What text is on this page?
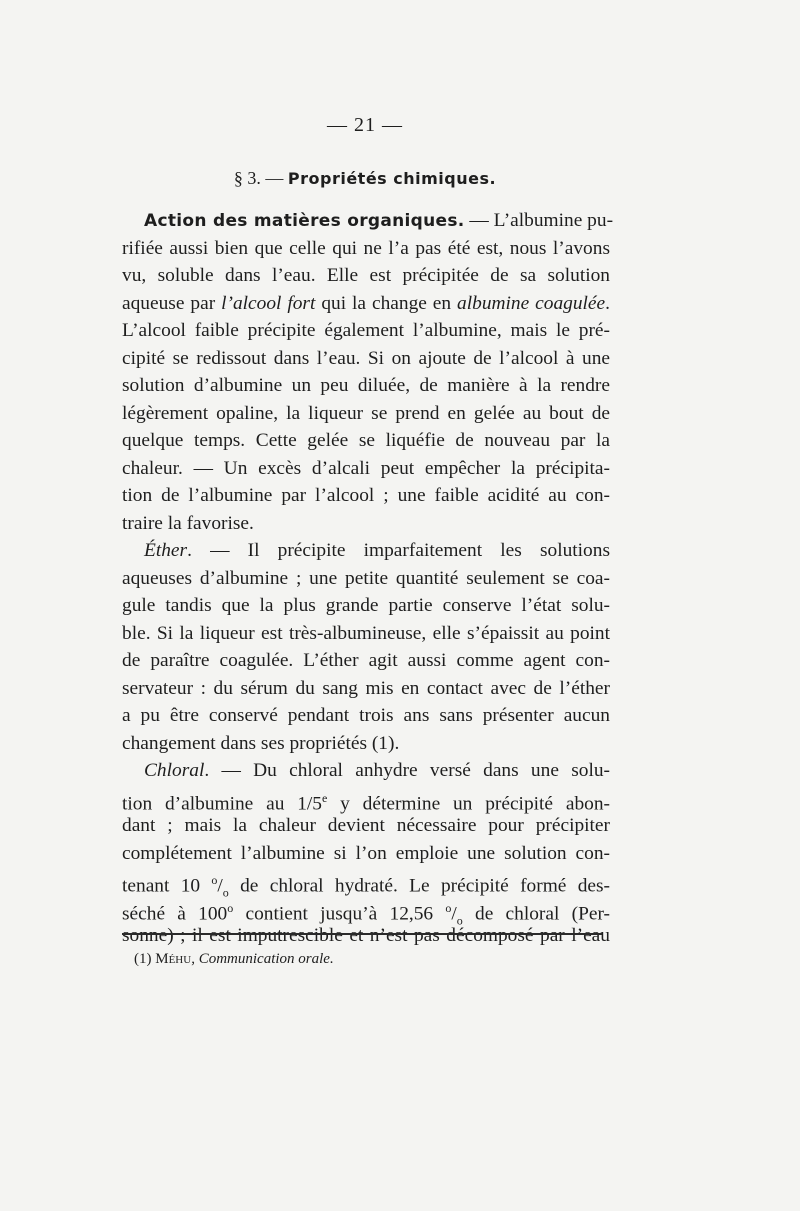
— 21 —
§ 3. — Propriétés chimiques.
Action des matières organiques. — L’albumine pu-
rifiée aussi bien que celle qui ne l’a pas été est, nous l’avons
vu, soluble dans l’eau. Elle est précipitée de sa solution
aqueuse par l’alcool fort qui la change en albumine coagulée.
L’alcool faible précipite également l’albumine, mais le pré-
cipité se redissout dans l’eau. Si on ajoute de l’alcool à une
solution d’albumine un peu diluée, de manière à la rendre
légèrement opaline, la liqueur se prend en gelée au bout de
quelque temps. Cette gelée se liquéfie de nouveau par la
chaleur. — Un excès d’alcali peut empêcher la précipita-
tion de l’albumine par l’alcool ; une faible acidité au con-
traire la favorise.
Éther. — Il précipite imparfaitement les solutions
aqueuses d’albumine ; une petite quantité seulement se coa-
gule tandis que la plus grande partie conserve l’état solu-
ble. Si la liqueur est très-albumineuse, elle s’épaissit au point
de paraître coagulée. L’éther agit aussi comme agent con-
servateur : du sérum du sang mis en contact avec de l’éther
a pu être conservé pendant trois ans sans présenter aucun
changement dans ses propriétés (1).
Chloral. — Du chloral anhydre versé dans une solu-
tion d’albumine au 1/5e y détermine un précipité abon-
dant ; mais la chaleur devient nécessaire pour précipiter
complétement l’albumine si l’on emploie une solution con-
tenant 10 $^o/_o$ de chloral hydraté. Le précipité formé des-
séché à 100$^o$ contient jusqu’à 12,56 $^o/_o$ de chloral (Per-
sonne) ; il est imputrescible et n’est pas décomposé par l’eau
(1) Méhu, Communication orale.
